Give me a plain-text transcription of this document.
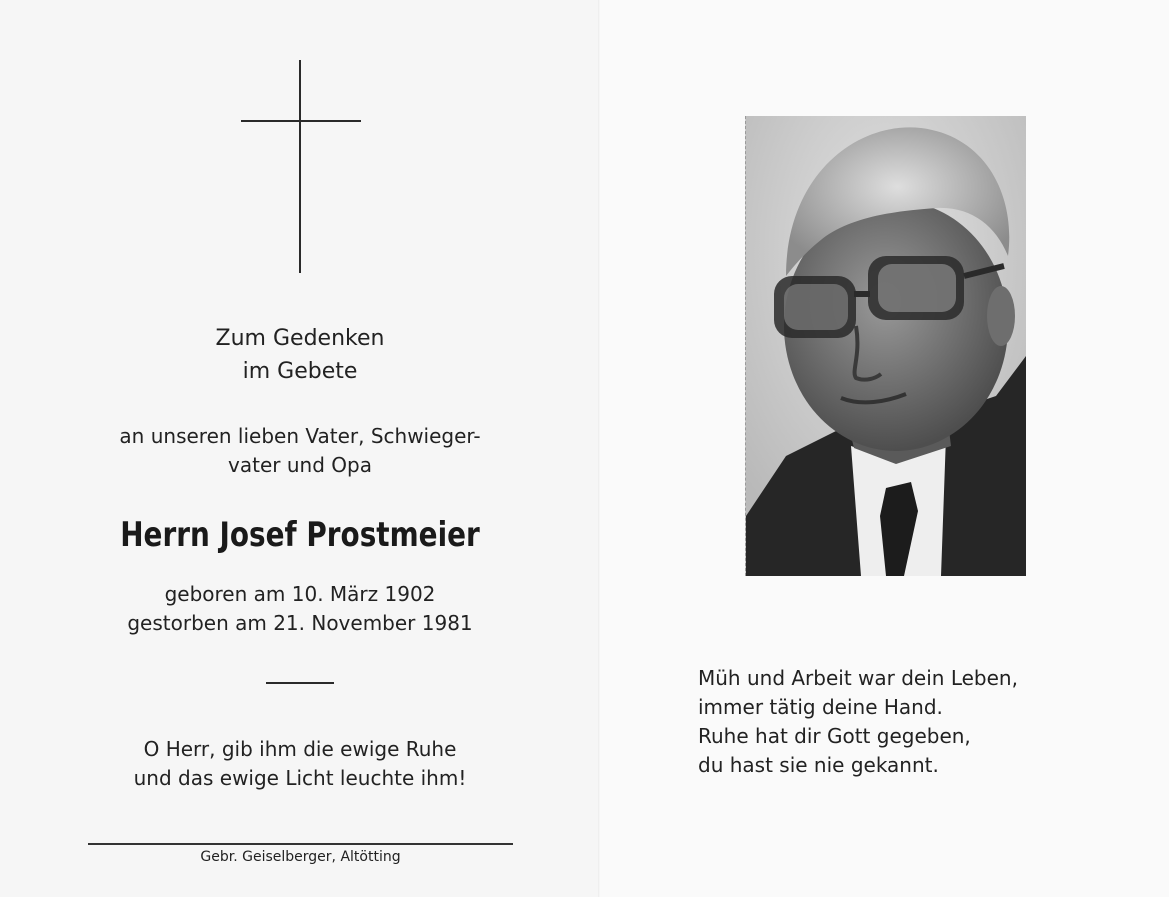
Zum Gedenken
im Gebete
an unseren lieben Vater, Schwieger-
vater und Opa
Herrn Josef Prostmeier
geboren am 10. März 1902
gestorben am 21. November 1981
O Herr, gib ihm die ewige Ruhe
und das ewige Licht leuchte ihm!
Gebr. Geiselberger, Altötting
Müh und Arbeit war dein Leben,
immer tätig deine Hand.
Ruhe hat dir Gott gegeben,
du hast sie nie gekannt.
